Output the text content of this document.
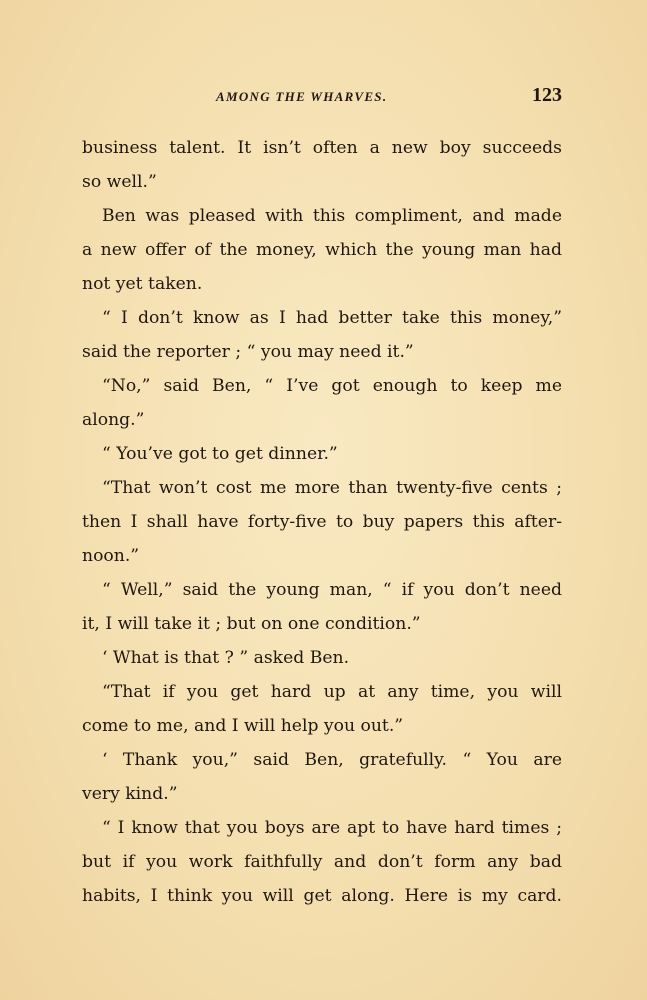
AMONG THE WHARVES.	123
business talent. It isn’t often a new boy succeeds
so well.”
Ben was pleased with this compliment, and made
a new offer of the money, which the young man had
not yet taken.
“ I don’t know as I had better take this money,”
said the reporter ; “ you may need it.”
“No,” said Ben, “ I’ve got enough to keep me
along.”
“ You’ve got to get dinner.”
“That won’t cost me more than twenty-five cents ;
then I shall have forty-five to buy papers this after-
noon.”
“ Well,” said the young man, “ if you don’t need
it, I will take it ; but on one condition.”
‘ What is that ? ” asked Ben.
“That if you get hard up at any time, you will
come to me, and I will help you out.”
‘ Thank you,” said Ben, gratefully. “ You are
very kind.”
“ I know that you boys are apt to have hard times ;
but if you work faithfully and don’t form any bad
habits, I think you will get along. Here is my card.
